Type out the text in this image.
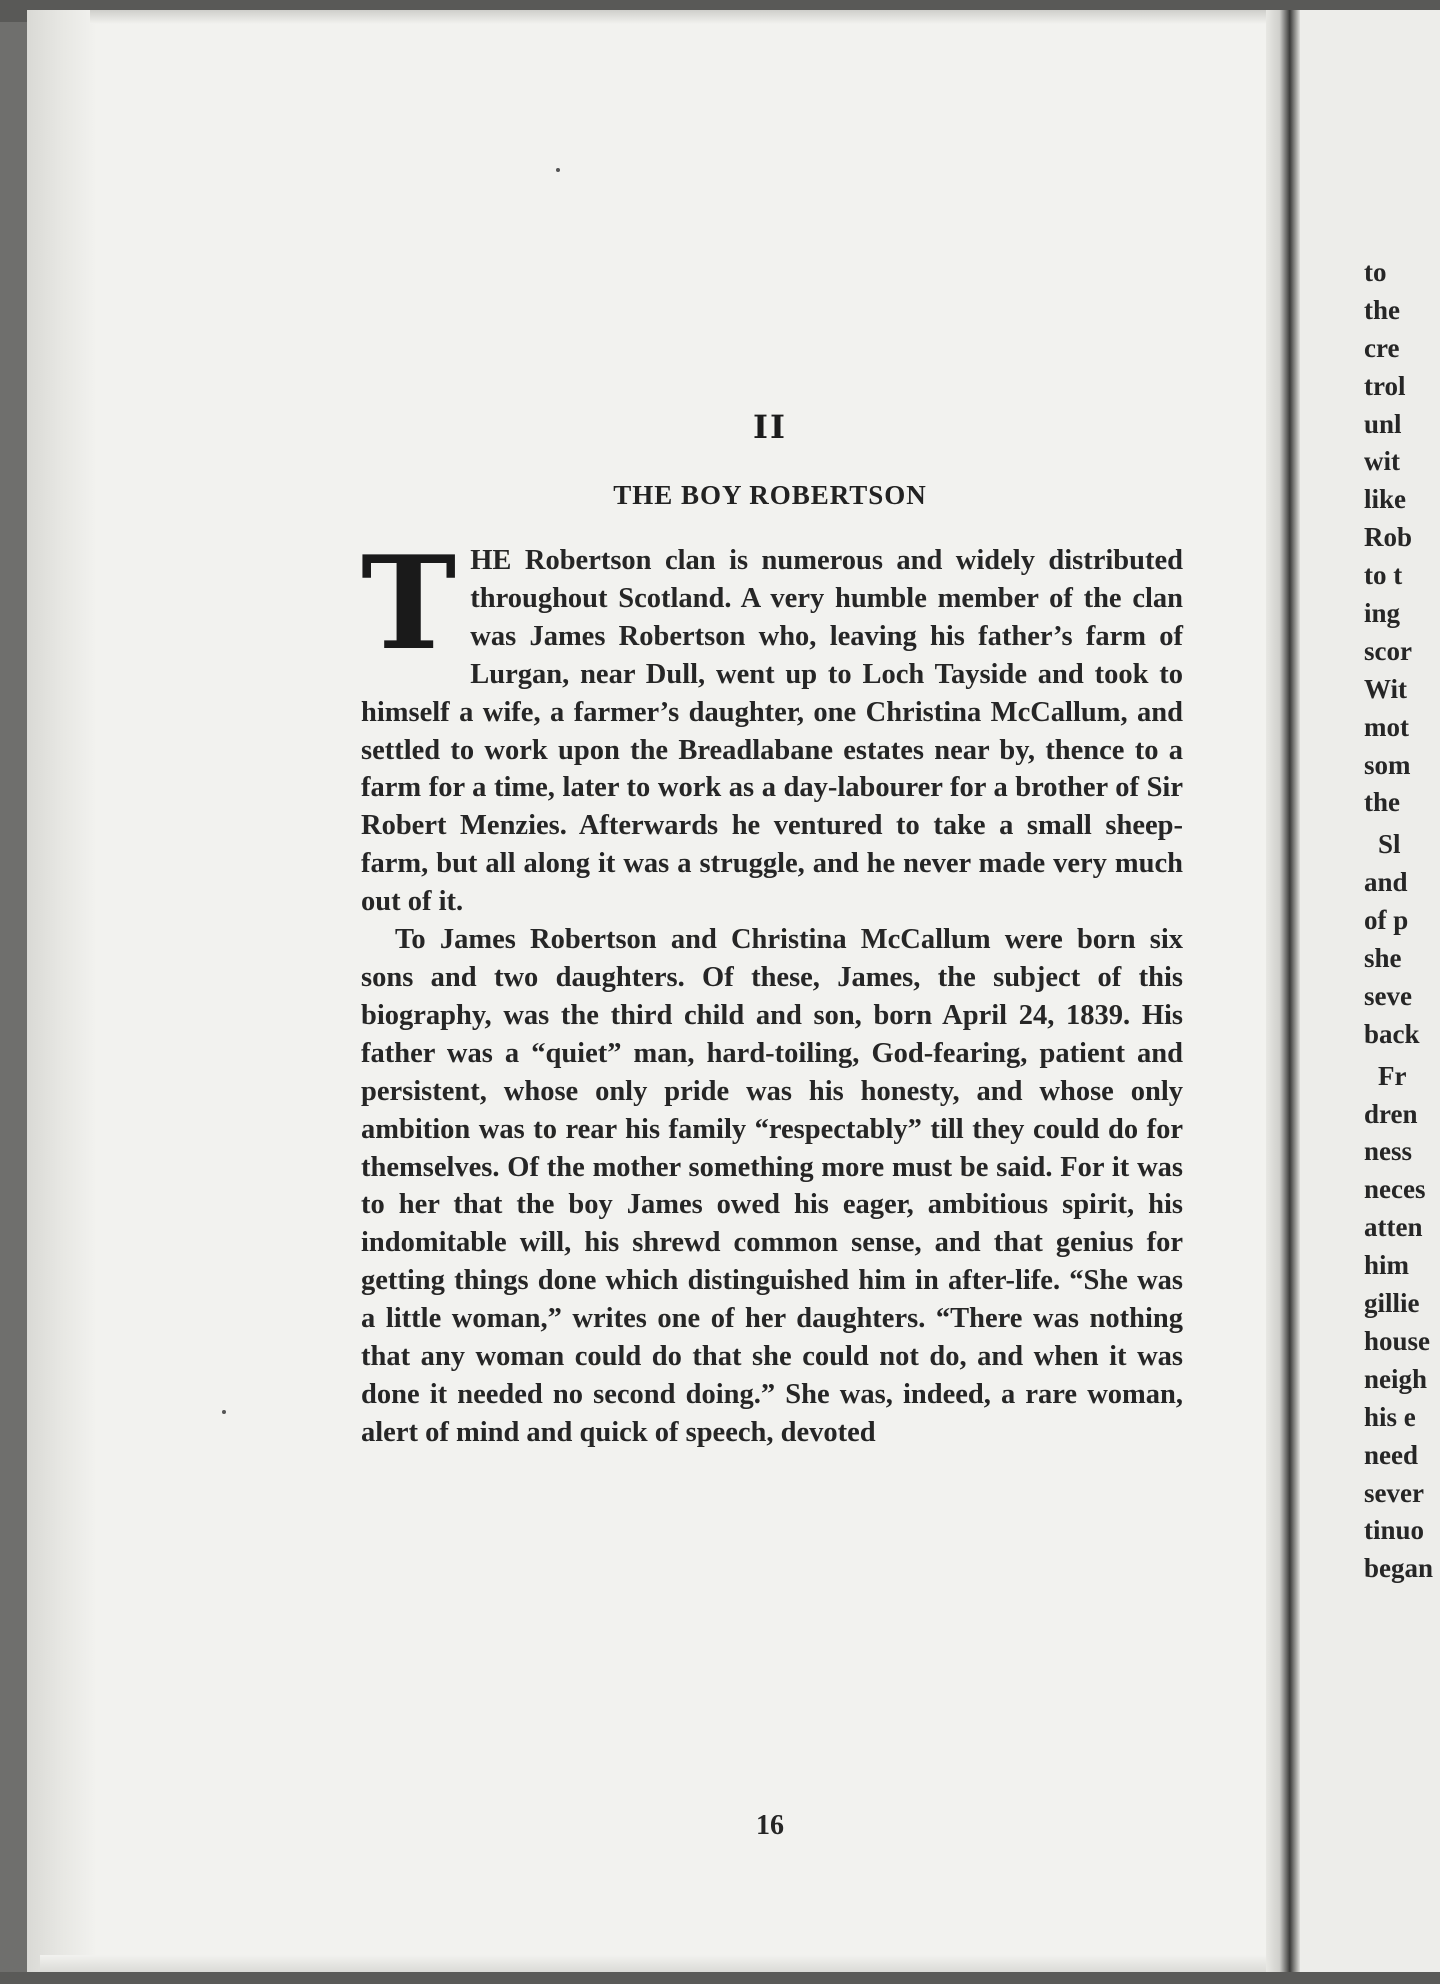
II
THE BOY ROBERTSON

THE Robertson clan is numerous and widely distributed throughout Scotland. A very humble member of the clan was James Robertson who, leaving his father’s farm of Lurgan, near Dull, went up to Loch Tayside and took to himself a wife, a farmer’s daughter, one Christina McCallum, and settled to work upon the Breadlabane estates near by, thence to a farm for a time, later to work as a day-labourer for a brother of Sir Robert Menzies. Afterwards he ventured to take a small sheep-farm, but all along it was a struggle, and he never made very much out of it.

To James Robertson and Christina McCallum were born six sons and two daughters. Of these, James, the subject of this biography, was the third child and son, born April 24, 1839. His father was a “quiet” man, hard-toiling, God-fearing, patient and persistent, whose only pride was his honesty, and whose only ambition was to rear his family “respectably” till they could do for themselves. Of the mother something more must be said. For it was to her that the boy James owed his eager, ambitious spirit, his indomitable will, his shrewd common sense, and that genius for getting things done which distinguished him in after-life. “She was a little woman,” writes one of her daughters. “There was nothing that any woman could do that she could not do, and when it was done it needed no second doing.” She was, indeed, a rare woman, alert of mind and quick of speech, devoted

16
to
the
cre
trol
unl
wit
like
Rob
to t
ing
scor
Wit
mot
som
the
Sl
and
of p
she
seve
back
Fr
dren
ness
neces
atten
him
gillie
house
neigh
his e
need
sever
tinuo
began
